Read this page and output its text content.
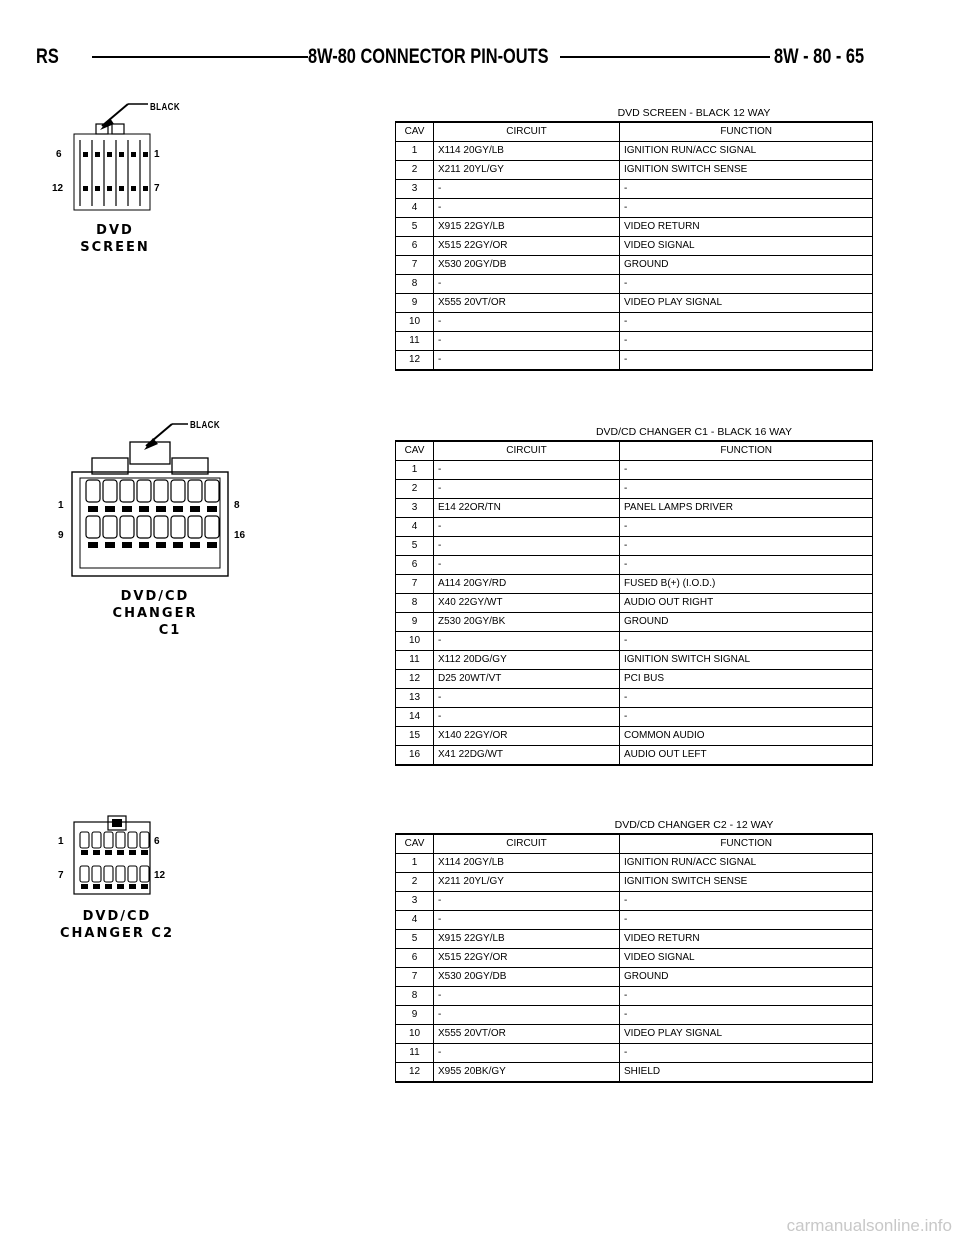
RS	8W-80 CONNECTOR PIN-OUTS	8W - 80 - 65
BLACK
6	1
12	7
DVD
SCREEN
DVD SCREEN - BLACK 12 WAY
CAV	CIRCUIT	FUNCTION
1	X114 20GY/LB	IGNITION RUN/ACC SIGNAL
2	X211 20YL/GY	IGNITION SWITCH SENSE
3	-	-
4	-	-
5	X915 22GY/LB	VIDEO RETURN
6	X515 22GY/OR	VIDEO SIGNAL
7	X530 20GY/DB	GROUND
8	-	-
9	X555 20VT/OR	VIDEO PLAY SIGNAL
10	-	-
11	-	-
12	-	-
BLACK
1	8
9	16
DVD/CD
CHANGER
C1
DVD/CD CHANGER C1 - BLACK 16 WAY
CAV	CIRCUIT	FUNCTION
1	-	-
2	-	-
3	E14 22OR/TN	PANEL LAMPS DRIVER
4	-	-
5	-	-
6	-	-
7	A114 20GY/RD	FUSED B(+) (I.O.D.)
8	X40 22GY/WT	AUDIO OUT RIGHT
9	Z530 20GY/BK	GROUND
10	-	-
11	X112 20DG/GY	IGNITION SWITCH SIGNAL
12	D25 20WT/VT	PCI BUS
13	-	-
14	-	-
15	X140 22GY/OR	COMMON AUDIO
16	X41 22DG/WT	AUDIO OUT LEFT
1	6
7	12
DVD/CD
CHANGER C2
DVD/CD CHANGER C2 - 12 WAY
CAV	CIRCUIT	FUNCTION
1	X114 20GY/LB	IGNITION RUN/ACC SIGNAL
2	X211 20YL/GY	IGNITION SWITCH SENSE
3	-	-
4	-	-
5	X915 22GY/LB	VIDEO RETURN
6	X515 22GY/OR	VIDEO SIGNAL
7	X530 20GY/DB	GROUND
8	-	-
9	-	-
10	X555 20VT/OR	VIDEO PLAY SIGNAL
11	-	-
12	X955 20BK/GY	SHIELD
carmanualsonline.info
